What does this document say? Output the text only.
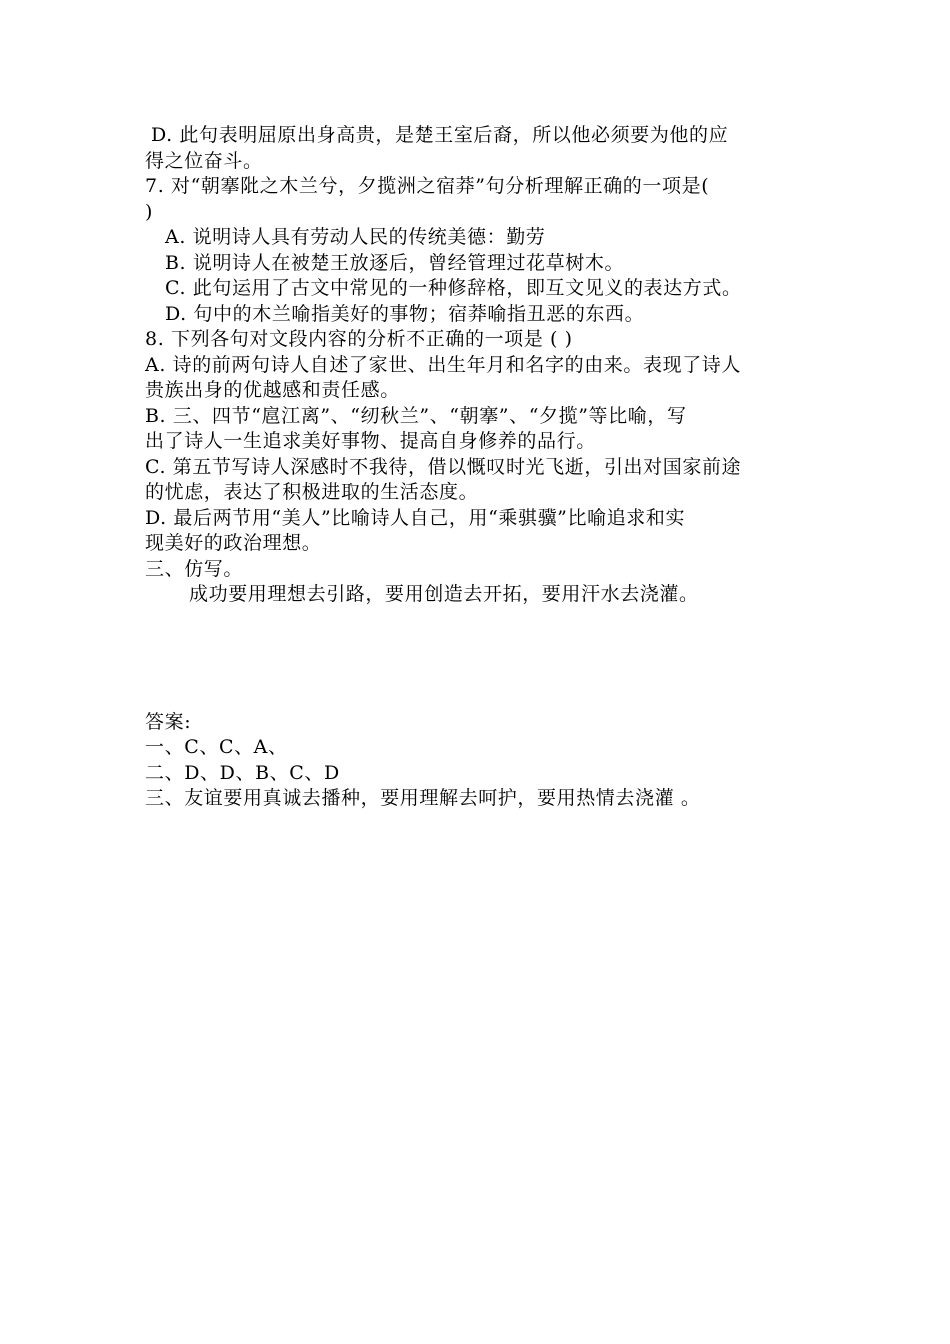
D. 此句表明屈原出身高贵，是楚王室后裔，所以他必须要为他的应
得之位奋斗。
7. 对“朝搴阰之木兰兮，夕揽洲之宿莽”句分析理解正确的一项是(
)
A. 说明诗人具有劳动人民的传统美德：勤劳
B. 说明诗人在被楚王放逐后，曾经管理过花草树木。
C. 此句运用了古文中常见的一种修辞格，即互文见义的表达方式。
D. 句中的木兰喻指美好的事物；宿莽喻指丑恶的东西。
8. 下列各句对文段内容的分析不正确的一项是 ( )
A. 诗的前两句诗人自述了家世、出生年月和名字的由来。表现了诗人
贵族出身的优越感和责任感。
B. 三、四节“扈江离”、“纫秋兰”、“朝搴”、“夕揽”等比喻，写
出了诗人一生追求美好事物、提高自身修养的品行。
C. 第五节写诗人深感时不我待，借以慨叹时光飞逝，引出对国家前途
的忧虑，表达了积极进取的生活态度。
D. 最后两节用“美人”比喻诗人自己，用“乘骐骥”比喻追求和实
现美好的政治理想。
三、仿写。
成功要用理想去引路，要用创造去开拓，要用汗水去浇灌。
答案:
一、C、C、A、
二、D、D、B、C、D
三、友谊要用真诚去播种，要用理解去呵护，要用热情去浇灌 。
